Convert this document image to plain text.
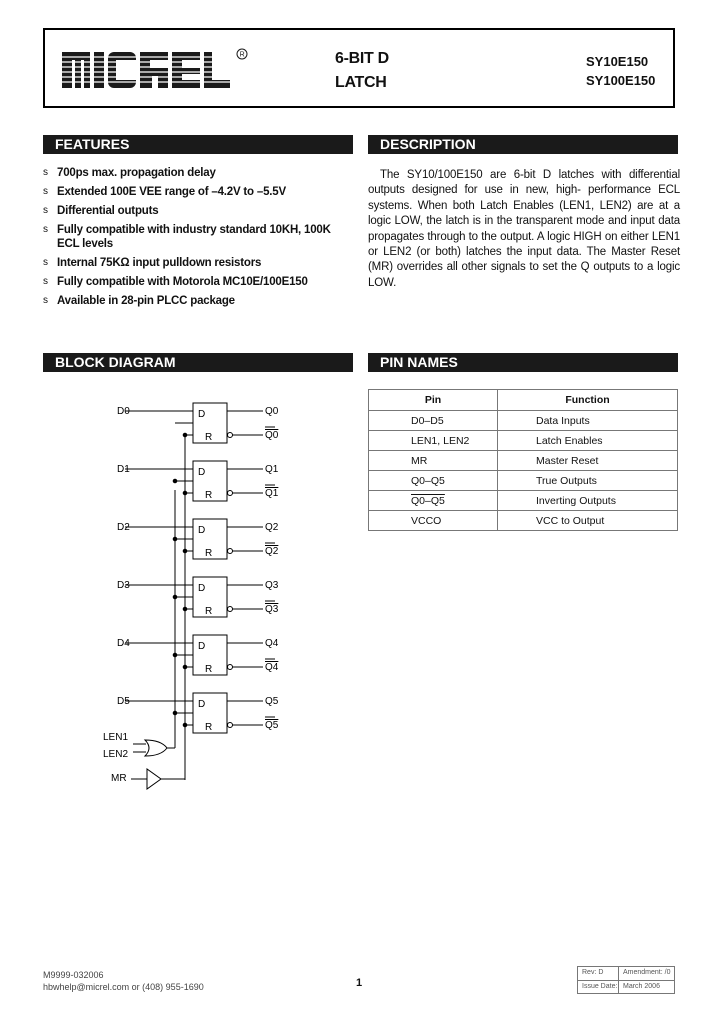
R	6-BIT D
LATCH
SY10E150
SY100E150
FEATURES	DESCRIPTION
BLOCK DIAGRAM	PIN NAMES
s 700ps max. propagation delay
s Extended 100E VEE range of –4.2V to –5.5V
s Differential outputs
s Fully compatible with industry standard 10KH, 100K ECL levels
s Internal 75KΩ input pulldown resistors
s Fully compatible with Motorola MC10E/100E150
s Available in 28-pin PLCC package
The SY10/100E150 are 6-bit D latches with differential outputs designed for use in new, high- performance ECL systems. When both Latch Enables (LEN1, LEN2) are at a logic LOW, the latch is in the transparent mode and input data propagates through to the output. A logic HIGH on either LEN1 or LEN2 (or both) latches the input data. The Master Reset (MR) overrides all other signals to set the Q outputs to a logic LOW.
Pin	Function
D0–D5	Data Inputs
LEN1, LEN2	Latch Enables
MR	Master Reset
Q0–Q5	True Outputs
Q0–Q5	Inverting Outputs
VCCO	VCC to Output
D
R
D0	Q0
Q0
D
R
D1	Q1
Q1
D
R
D2	Q2
Q2
D
R
D3	Q3
Q3
D
R
D4	Q4
Q4
D
R
D5	Q5
Q5
LEN1
LEN2
MR
M9999-032006
hbwhelp@micrel.com or (408) 955-1690	1
Rev: D	Amendment: /0
Issue Date: March 2006
